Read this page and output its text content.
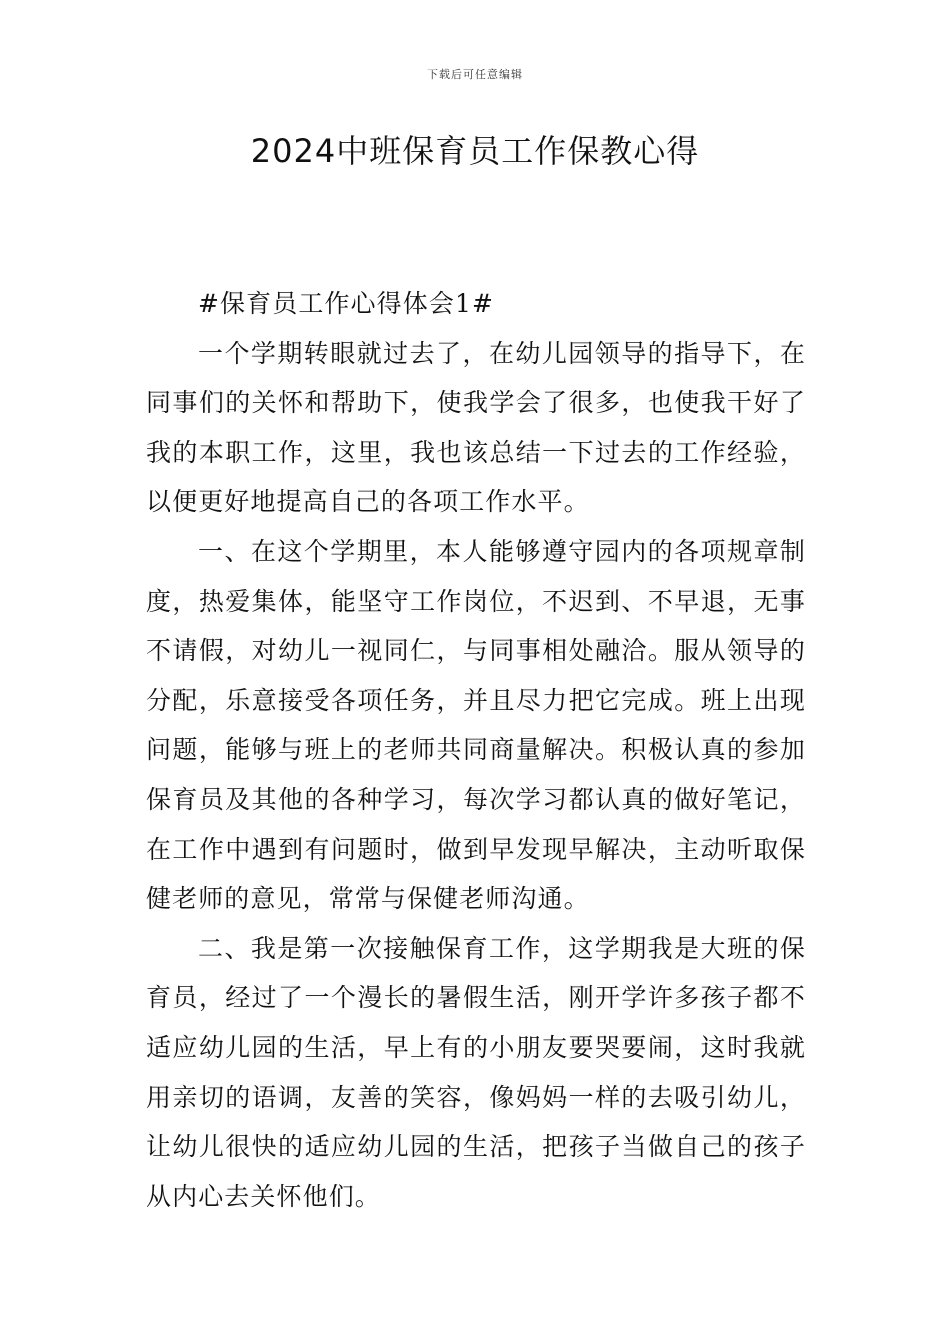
下载后可任意编辑
2024中班保育员工作保教心得

#保育员工作心得体会1#

一个学期转眼就过去了，在幼儿园领导的指导下，在同事们的关怀和帮助下，使我学会了很多，也使我干好了我的本职工作，这里，我也该总结一下过去的工作经验，以便更好地提高自己的各项工作水平。

一、在这个学期里，本人能够遵守园内的各项规章制度，热爱集体，能坚守工作岗位，不迟到、不早退，无事不请假，对幼儿一视同仁，与同事相处融洽。服从领导的分配，乐意接受各项任务，并且尽力把它完成。班上出现问题，能够与班上的老师共同商量解决。积极认真的参加保育员及其他的各种学习，每次学习都认真的做好笔记，在工作中遇到有问题时，做到早发现早解决，主动听取保健老师的意见，常常与保健老师沟通。

二、我是第一次接触保育工作，这学期我是大班的保育员，经过了一个漫长的暑假生活，刚开学许多孩子都不适应幼儿园的生活，早上有的小朋友要哭要闹，这时我就用亲切的语调，友善的笑容，像妈妈一样的去吸引幼儿，让幼儿很快的适应幼儿园的生活，把孩子当做自己的孩子从内心去关怀他们。
